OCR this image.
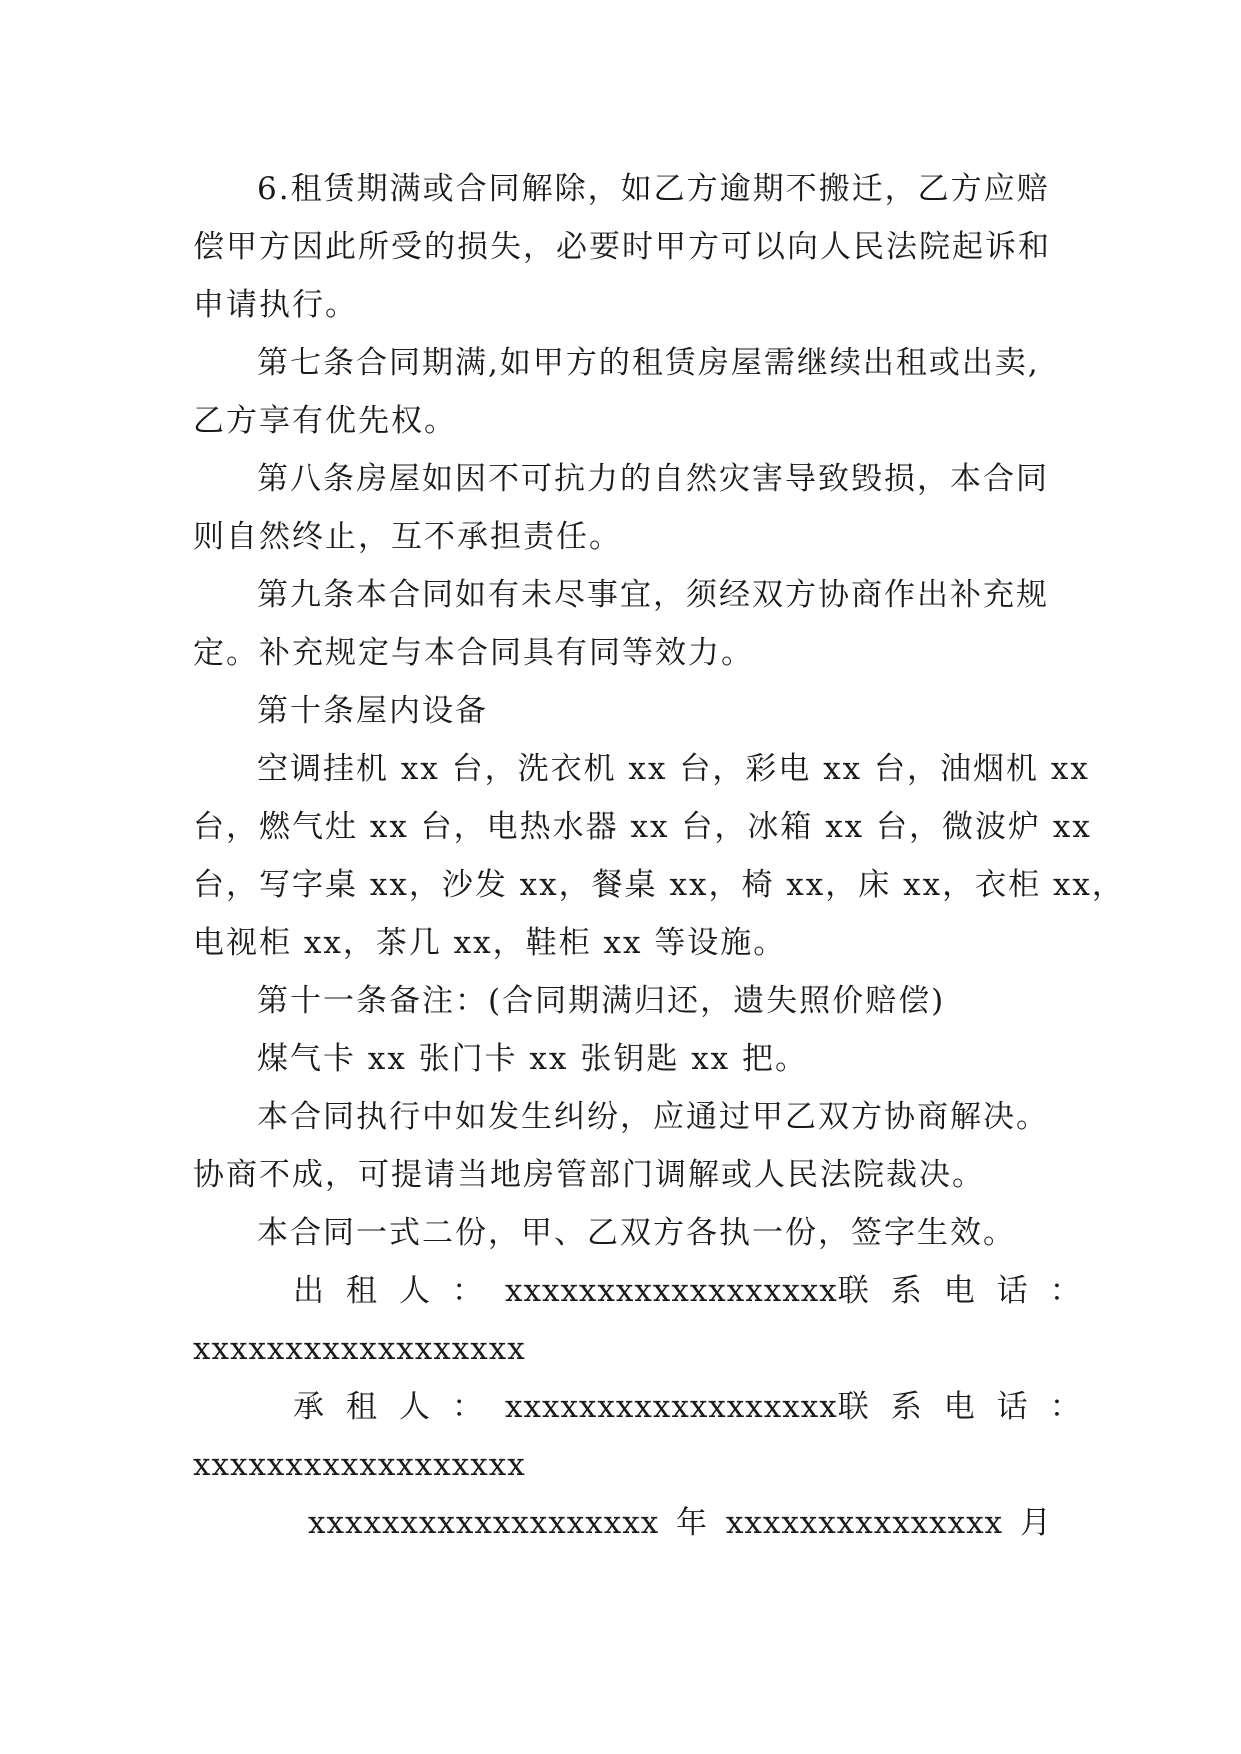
6.租赁期满或合同解除，如乙方逾期不搬迁，乙方应赔
偿甲方因此所受的损失，必要时甲方可以向人民法院起诉和
申请执行。
第七条合同期满,如甲方的租赁房屋需继续出租或出卖,
乙方享有优先权。
第八条房屋如因不可抗力的自然灾害导致毁损，本合同
则自然终止，互不承担责任。
第九条本合同如有未尽事宜，须经双方协商作出补充规
定。补充规定与本合同具有同等效力。
第十条屋内设备
空调挂机 xx 台，洗衣机 xx 台，彩电 xx 台，油烟机 xx
台，燃气灶 xx 台，电热水器 xx 台，冰箱 xx 台，微波炉 xx
台，写字桌 xx，沙发 xx，餐桌 xx，椅 xx，床 xx，衣柜 xx，
电视柜 xx，茶几 xx，鞋柜 xx 等设施。
第十一条备注：(合同期满归还，遗失照价赔偿)
煤气卡 xx 张门卡 xx 张钥匙 xx 把。
本合同执行中如发生纠纷，应通过甲乙双方协商解决。
协商不成，可提请当地房管部门调解或人民法院裁决。
本合同一式二份，甲、乙双方各执一份，签字生效。
出租人： xxxxxxxxxxxxxxxxxx 联系电话：
xxxxxxxxxxxxxxxxxx
承租人： xxxxxxxxxxxxxxxxxx 联系电话：
xxxxxxxxxxxxxxxxxx
xxxxxxxxxxxxxxxxxxx 年 xxxxxxxxxxxxxxx 月
